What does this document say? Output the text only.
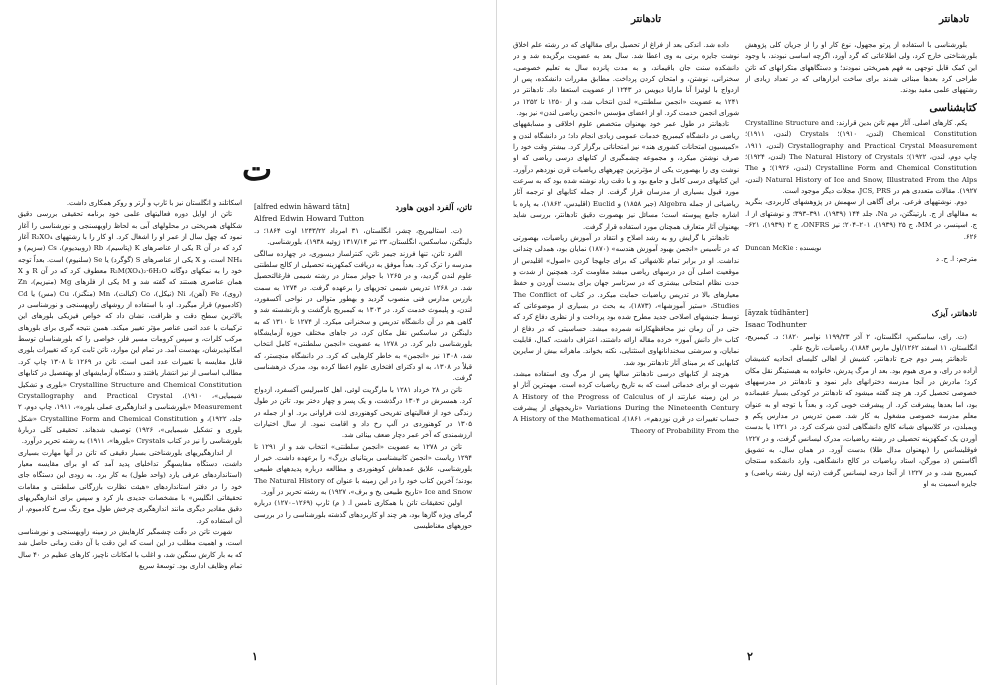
تادهانتر
تادهانتر

بلورشناسی با استفاده از پرتو مجهول، نوع کار او را از جریان کلی پژوهش بلورشناختی خارج کرد، ولی اطلاعاتی که گرد آورد، اگرچه اساسی نبودند، با وجود این کمک قابل توجهی به فهم همریختی نمودند؛ و دستگاههای متکرانهای که تاتن طراحی کرد بعدها مبنائی شدند برای ساخت ابزارهائی که در تعداد زیادی از رشتههای علمی مفید بودند.

کتابشناسی

یکم. کارهای اصلی. آثار مهم تاتن بدین قرارند: Crystalline Structure and Chemical Constitution (لندن، ۱۹۱۰)؛ Crystals (لندن، ۱۹۱۱)؛ Crystallography and Practical Crystal Measurement (لندن، ۱۹۱۱، چاپ دوم، لندن، ۱۹۲۲)؛ The Natural History of Crystals (لندن، ۱۹۲۴)؛ Crystalline Form and Chemical Constitution (لندن، ۱۹۲۶)؛ و The Natural History of Ice and Snow, Illustrated From the Alps (لندن، ۱۹۲۷). مقالات متعددی هم در JCS, PRS، مجلات دیگر موجود است.

دوم. نوشتههای فرعی. برای آگاهی از سهمش در پژوهشهای کاربردی، بنگرید به مقالهای از ج. بارتینگتن، در Na، جلد ۱۴۴ (۱۹۳۹)، ۳۹۱–۳۹۳؛ و نوشتهای از ا. ج. اسپنسر، در MM، ج ۲۵ (۱۹۳۹)، ۲۰۱–۲۰۴؛ نیز ONFRS، ج ۲ (۱۹۳۹)، ۶۲۱–۶۲۶.

Duncan McKie : نویسنده

مترجم: ا. ح. د

تادهانتر، آیزک
[āyzak tūdhānter]
Isaac Todhunter

(ت. رای، ساسکس، انگلستان، ۲ آذر ۱۱۹۹/۲۳ نوامبر ۱۸۲۰؛ د. کیمبریج، انگلستان، ۱۱ اسفند ۱۲۶۲/اول مارس ۱۸۸۴)، ریاضیات، تاریخ علم.

تادهانتر پسر دوم جرج تادهانتر، کشیش از اهالی کلیسای اتحادیه کشیشان آزاده در رای، و مری هیوم بود. بعد از مرگ پدرش، خانواده به هیستینگز نقل مکان کرد؛ مادرش در آنجا مدرسه دخترانهای دایر نمود و تادهانتر در مدرسههای خصوصی تحصیل کرد. هر چند گفته میشود که تادهانتر در کودکی بسیار عقبمانده بود، اما بعدها پیشرفت کرد. از پیشرفت خوبی کرد، و بعداً با توجه او به عنوان معلم مدرسه خصوصی مشغول به کار شد. ضمن تدریس در مدارس پکم و ویمبلدن، در کلاسهای شبانه کالج دانشگاهی لندن شرکت کرد. در ۱۲۲۱ یا بدست آوردن یک کمکهزینه تحصیلی در رشته ریاضیات، مدرک لیسانس گرفت، و در ۱۲۲۷ فوقلیسانس را (بهعنوان مدال طلا) بدست آورد. در همان سال، به تشویق آگاستس (د مورگن، استاد ریاضیات در کالج دانشگاهی، وارد دانشکده سنتجان کیمبریج شد، و در ۱۲۲۷ از آنجا درجه لیسانس گرفت (رتبه اول رشته ریاضی) و جایزه اسمیت به او

داده شد. اندکی بعد از فراغ از تحصیل برای مقالهای که در رشته علم اخلاق نوشت جایزه برنی به وی اعطا شد. سال بعد به عضویت برگزیده شد و در دانشکده سنت جان باقیماند، و به مدت پانزده سال به تعلیم خصوصی، سخنرانی، نوشتن، و امتحان کردن پرداخت. مطابق مقررات دانشکده، پس از ازدواج با لوئیزا آنا مارایا دیویس در ۱۲۴۳ از عضویت استعفا داد. تادهانتر در ۱۲۴۱ به عضویت «انجمن سلطنتی» لندن انتخاب شد، و از ۱۲۵۰ تا ۱۲۵۲ در شورای انجمن خدمت کرد. او از اعضای مؤسس «انجمن ریاضی لندن» نیز بود.

تادهانتر در طول عمر خود بهعنوان متخصص علوم اخلاقی و مسابقههای ریاضی در دانشگاه کیمبریج خدمات عمومی زیادی انجام داد؛ در دانشگاه لندن و «کمیسیون امتحانات کشوری هند» نیز امتحاناتی برگزار کرد. بیشتر وقت خود را صرف نوشتن میکرد، و مجموعه چشمگیری از کتابهای درسی ریاضی که او نوشت وی را بهصورت یکی از مؤثرترین چهرههای ریاضیات قرن نوزدهم درآورد. این کتابهای درسی کامل و جامع بود و با دقت زیاد نوشته شده بود که به سرعت مورد قبول بسیاری از مدرسان قرار گرفت. از جمله کتابهای او ترجمه آثار ریاضیاتی از جمله Algebra (جبر ۱۸۵۸) و Euclid (اقلیدس، ۱۸۶۲)، به پاره با اشاره جامع پیوسته است؛ مسائل نیز بهصورت دقیق تادهانتر، بررسی شاید بهعنوان آثار متعارف همچنان مورد استفاده قرار گرفت.

تادهانتر با گرایش رو به رشد اصلاح و انتقاد در آموزش ریاضیات، بهصورتی که در تأسیس «انجمن بهبود آموزش هندسه» (۱۸۷۰) نمایان بود، همدلی چندانی نداشت. او در برابر تمام تلاشهائی که برای جابهجا کردن «اصول» اقلیدس از موقعیت اصلی آن در درسهای ریاضی میشد مقاومت کرد. همچنین از شدت و حدت نظام امتحانی بیشتری که در سرتاسر جهان برای بدست آوردن و حفظ معیارهای بالا در تدریس ریاضیات حمایت میکرد. در کتاب The Conflict of Studies، «ستیز آموزشها»، (۱۸۷۳)، به بحث در بسیاری از موضوعاتی که توسط جنبشهای اصلاحی جدید مطرح شده بود پرداخت و از نظری دفاع کرد که حتی در آن زمان نیز محافظهکارانه شمرده میشد. حساسیتی که در دفاع از کتاب «از دانش آموز» خرده مقاله ارائه داشتند، اعتراف داشت، کمال، قابلیت نمایان، و سرشتی سخندانانهاوی استثنایی، نکته بخواند. ماهرانه بیش از سایرین کتابهایی که بر مبنای آثار تادهانتر بود شد.

هرچند از کتابهای درسی تادهانتر سالها پس از مرگ وی استفاده میشد، شهرت او برای خدماتی است که به تاریخ ریاضیات کرده است. مهمترین آثار او در این زمینه عبارتند از A History of the Progress of Calculus of Variations During the Nineteenth Century «تاریخچهای از پیشرفت حساب تغییرات در قرن نوزدهم»، ۱۸۶۱)، A History of the Mathematical Theory of Probability From the

۲
ت
تاتن، آلفرد ادوین هاورد
[alfred edwin hāward tātn]
Alfred Edwin Howard Tutton

(ت. استالیبریج، چشر، انگلستان، ۳۱ امرداد ۱۲۴۳/۲۲ اوت ۱۸۶۴؛ د. دلینگتن، ساسکس، انگلستان، ۲۳ تیر ۱۳۱۷/۱۴ ژوئیه ۱۹۳۸)، بلورشناسی.

الفرد تاتن، تنها فرزند جیمز تاتن، کنترلساز دیسوری، در چهارده سالگی مدرسه را ترک کرد. بعداً موفق به دریافت کمکهزینه تحصیلی از کالج سلطنتی علوم لندن گردید، و در ۱۲۶۵ با جوایز ممتاز در رشته شیمی فارغالتحصیل شد. در ۱۲۶۸ تدریس شیمی تجزیهای را برعهده گرفت. در ۱۲۷۴ به سمت بازرس مدارس فنی منصوب گردید و بهطور متوالی در نواحی آکسفورد، لندن، و پلیموث خدمت کرد. در ۱۳۰۳ به کیمبریج بازگشت و بازنشسته شد و گاهی هم در آن دانشگاه تدریس و سخنرانی میکرد. از ۱۲۷۴ تا ۱۳۱۰ که به دلینگتن در ساسکس نقل مکان کرد، در جاهای مختلف حوزه آزمایشگاه بلورشناسی دایر کرد. در ۱۲۷۸ به عضویت «انجمن سلطنتی» کامل انتخاب شد، ۱۳۰۸ نیز «انجمن» به خاطر کارهایی که کرد. در دانشگاه منچستر، که قبلاً در ۱۳۰۸، به او دکترای افتخاری علوم اعطا کرده بود، مدرک ذرهشناسی گرفت.

تاتن در ۲۸ خرداد ۱۲۸۱ با مارگریت لوئی، اهل کامبرلیس آکسفرد، ازدواج کرد. همسرش در ۱۳۰۴ درگذشت، و یک پسر و چهار دختر بود. تاتن در طول زندگی خود از فعالیتهای تفریحی کوهنوردی لذت فراوانی برد. او از جمله در ۱۳۰۵ در کوهنوردی در آلپ رخ داد و اقامت نمود. از سال اختیارات ارزشمندی که آخر عمر دچار ضعف بینائی شد.

تاتن در ۱۲۷۸ به عضویت «انجمن سلطنتی» انتخاب شد و از ۱۲۹۱ تا ۱۲۹۴ ریاست «انجمن کانیشناسی بریتانیای بزرگ» را برعهده داشت. خیر از بلورشناسی، علایق عمدهاش کوهنوردی و مطالعه درباره پدیدههای طبیعی بودند؛ آخرین کتاب خود را در این زمینه با عنوان The Natural History of Ice and Snow «تاریخ طبیعی یخ و برف»، ۱۹۲۷) به رشته تحریر در آورد.

اولین تحقیقات تاتن با همکاری تامس ا. ( م) ثارپ (۱۲۶۹–۱۲۷۰) درباره گرمای ویژه گازها بود، هر چند او کاربردهای گذشته بلورشناسی را در بررسی حوزههای مغناطیسی

اسکاتلند و انگلستان نیز با ثارپ و آرتر و روکر همکاری داشت.

تاتن از اوایل دوره فعالیتهای علمی خود برنامه تحقیقی بررسی دقیق شکلهای همریختی در محلولهای آبی به لحاظ زاویهسنجی و نورشناسی را آغاز نمود که چهل سال از عمر او را اشغال کرد. او کار را با رشتههای R₂XO₄ آغاز کرد که در آن R یکی از عناصرهای K (پتاسیم)، Rb (روبیدیوم)، Cs (سزیم) و NH₄ است، و X یکی از عناصرهای S (گوگرد) یا Se (سلنیوم) است. بعداً توجه خود را به نمکهای دوگانه R₂M(XO₄)₂·6H₂O معطوف کرد که در آن R و X همان عناصری هستند که گفته شد و M یکی از فلزهای Mg (منیزیم)، Zn (روی)، Fe (آهن)، Ni (نیکل)، Co (کبالت)، Mn (منگنز)، Cu (مس) یا Cd (کادمیوم) قرار میگیرد. او، با استفاده از روشهای زاویهسنجی و نورشناسی در بالاترین سطح دقت و ظرافت، نشان داد که خواص فیزیکی بلورهای این ترکیبات با عدد اتمی عناصر مؤثر تغییر میکند. همین نتیجه گیری برای بلورهای مرکب کلرات، و سپس کرومات مسیر فلز، خواصی را که بلورشناسان توسط امکانپذیرشان، بهدست آمد. در تمام این موارد، تاتن ثابت کرد که تغییرات بلوری قابل مقایسه با تغییرات عدد اتمی است. تاتن در ۱۲۶۹ تا ۱۳۰۸ چاپ کرد. مطالب اساسی از نیز انتشار یافتند و دستگاه آزمایشهای او بهتفصیل در کتابهای Crystalline Structure and Chemical Constitution «بلوری و تشکیل شیمیایی»، ۱۹۱۰)، Crystallography and Practical Crystal Measurement «بلورشناسی و اندازهگیری عملی بلوره»، ۱۹۱۱، چاپ دوم، ۲ جلد، ۱۹۲۲)، و Crystalline Form and Chemical Constitution «شکل بلوری و تشکیل شیمیایی»، ۱۹۲۶) توصیف شدهاند. تحقیقی کلی دربارهٔ بلورشناسی را نیز در کتاب Crystals «بلورها»، ۱۹۱۱) به رشته تحریر درآورد.

از اندازهگیریهای بلورشناختی بسیار دقیقی که تاتن در آنها مهارت بسیاری داشت، دستگاه مقایسهگر تداخلیای پدید آمد که او برای مقایسه معیار (استانداردهای عرفی یارد (واحد طول) به کار برد. به زودی این دستگاه جای خود را در دفتر استانداردهای «هیئت نظارت بازرگانی سلطنتی و مقامات تحقیقاتی انگلیس» با مشخصات جدیدی باز کرد و سپس برای اندازهگیریهای دقیق مقادیر دیگری مانند اندازهگیری چرخش طول موج رنگ سرخ کادمیوم، از آن استفاده کرد.

شهرت تاتن در دقّت چشمگیر کارهایش در زمینه زاویهسنجی و نورشناسی است، و اهمیت مطلب در این است که این دقت با آن دقت زمانی حاصل شد که به بار کارش سنگین شد، و اغلب با امکانات ناچیز، کارهای عظیم در ۴۰ سال تمام وظایف اداری بود. توسعهٔ سریع

۱
